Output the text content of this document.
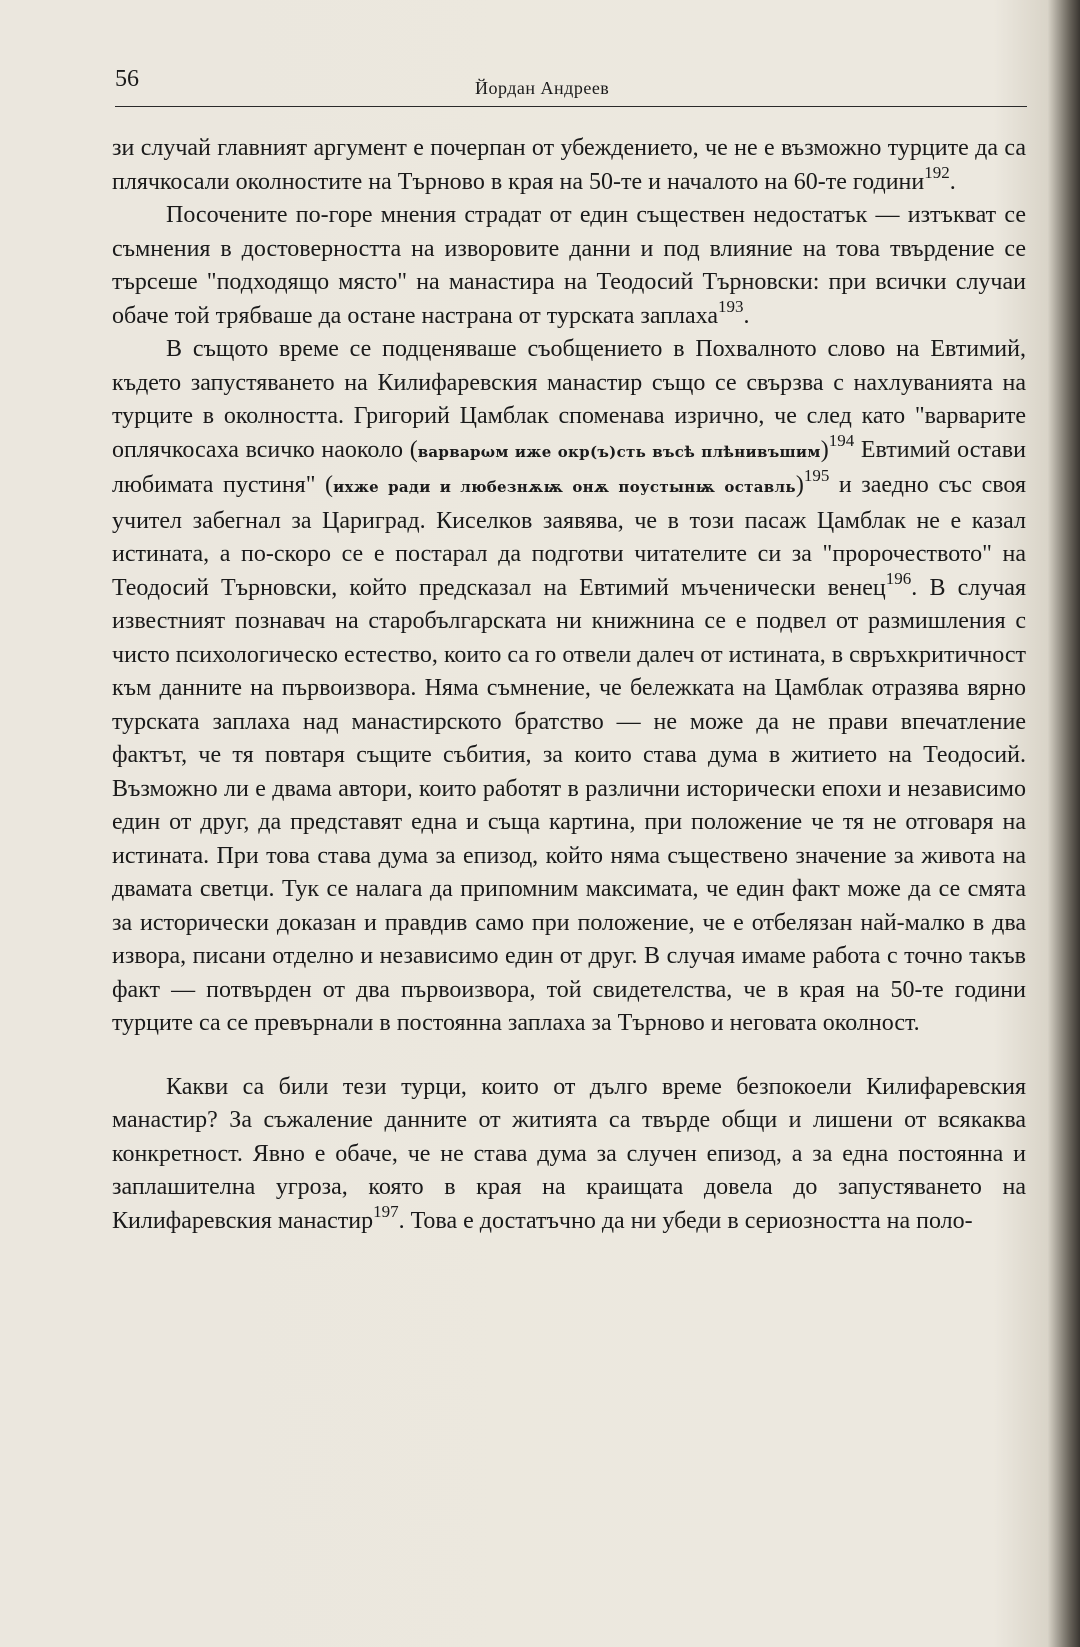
56	Йордан Андреев

зи случай главният аргумент е почерпан от убеждението, че не е възможно турците да са плячкосали околностите на Търново в края на 50-те и началото на 60-те години$^{192}$.

Посочените по-горе мнения страдат от един съществен недостатък — изтъкват се съмнения в достоверността на изворовите данни и под влияние на това твърдение се търсеше "подходящо място" на манастира на Теодосий Търновски: при всички случаи обаче той трябваше да остане настрана от турската заплаха$^{193}$.

В същото време се подценяваше съобщението в Похвалното слово на Евтимий, където запустяването на Килифаревския манастир също се свързва с нахлуванията на турците в околността. Григорий Цамблак споменава изрично, че след като "варварите оплячкосаха всичко наоколо (варварωм иже окр(ъ)сть въсѣ плѣнивъшим)$^{194}$ Евтимий остави любимата пустиня" (ихже ради и любезнѫѭ онѫ поустынѭ оставль)$^{195}$ и заедно със своя учител забегнал за Цариград. Киселков заявява, че в този пасаж Цамблак не е казал истината, а по-скоро се е постарал да подготви читателите си за "пророчеството" на Теодосий Търновски, който предсказал на Евтимий мъченически венец$^{196}$. В случая известният познавач на старобългарската ни книжнина се е подвел от размишления с чисто психологическо естество, които са го отвели далеч от истината, в свръхкритичност към данните на първоизвора. Няма съмнение, че бележката на Цамблак отразява вярно турската заплаха над манастирското братство — не може да не прави впечатление фактът, че тя повтаря същите събития, за които става дума в житието на Теодосий. Възможно ли е двама автори, които работят в различни исторически епохи и независимо един от друг, да представят една и съща картина, при положение че тя не отговаря на истината. При това става дума за епизод, който няма съществено значение за живота на двамата светци. Тук се налага да припомним максимата, че един факт може да се смята за исторически доказан и правдив само при положение, че е отбелязан най-малко в два извора, писани отделно и независимо един от друг. В случая имаме работа с точно такъв факт — потвърден от два първоизвора, той свидетелства, че в края на 50-те години турците са се превърнали в постоянна заплаха за Търново и неговата околност.

Какви са били тези турци, които от дълго време безпокоели Килифаревския манастир? За съжаление данните от житията са твърде общи и лишени от всякаква конкретност. Явно е обаче, че не става дума за случен епизод, а за една постоянна и заплашителна угроза, която в края на краищата довела до запустяването на Килифаревския манастир$^{197}$. Това е достатъчно да ни убеди в сериозността на поло-
